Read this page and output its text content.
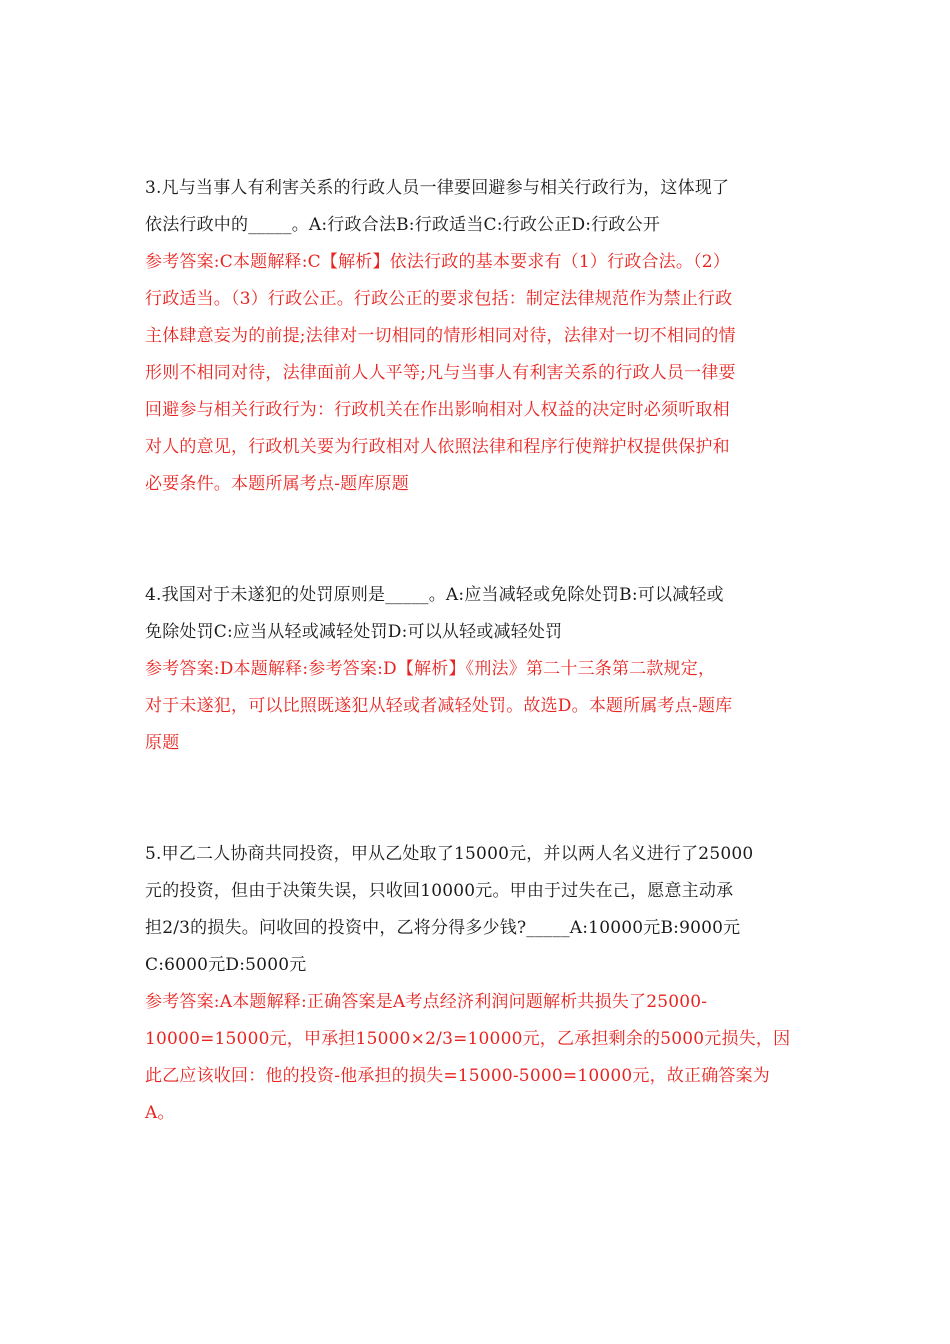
3.凡与当事人有利害关系的行政人员一律要回避参与相关行政行为，这体现了
依法行政中的_____。A:行政合法B:行政适当C:行政公正D:行政公开
参考答案:C本题解释:C【解析】依法行政的基本要求有（1）行政合法。（2）
行政适当。（3）行政公正。行政公正的要求包括：制定法律规范作为禁止行政
主体肆意妄为的前提;法律对一切相同的情形相同对待，法律对一切不相同的情
形则不相同对待，法律面前人人平等;凡与当事人有利害关系的行政人员一律要
回避参与相关行政行为：行政机关在作出影响相对人权益的决定时必须听取相
对人的意见，行政机关要为行政相对人依照法律和程序行使辩护权提供保护和
必要条件。本题所属考点-题库原题
4.我国对于未遂犯的处罚原则是_____。A:应当减轻或免除处罚B:可以减轻或
免除处罚C:应当从轻或减轻处罚D:可以从轻或减轻处罚
参考答案:D本题解释:参考答案:D【解析】《刑法》第二十三条第二款规定，
对于未遂犯，可以比照既遂犯从轻或者减轻处罚。故选D。本题所属考点-题库
原题
5.甲乙二人协商共同投资，甲从乙处取了15000元，并以两人名义进行了25000
元的投资，但由于决策失误，只收回10000元。甲由于过失在己，愿意主动承
担2/3的损失。问收回的投资中，乙将分得多少钱?_____A:10000元B:9000元
C:6000元D:5000元
参考答案:A本题解释:正确答案是A考点经济利润问题解析共损失了25000-
10000=15000元，甲承担15000×2/3=10000元，乙承担剩余的5000元损失，因
此乙应该收回：他的投资-他承担的损失=15000-5000=10000元，故正确答案为
A。
